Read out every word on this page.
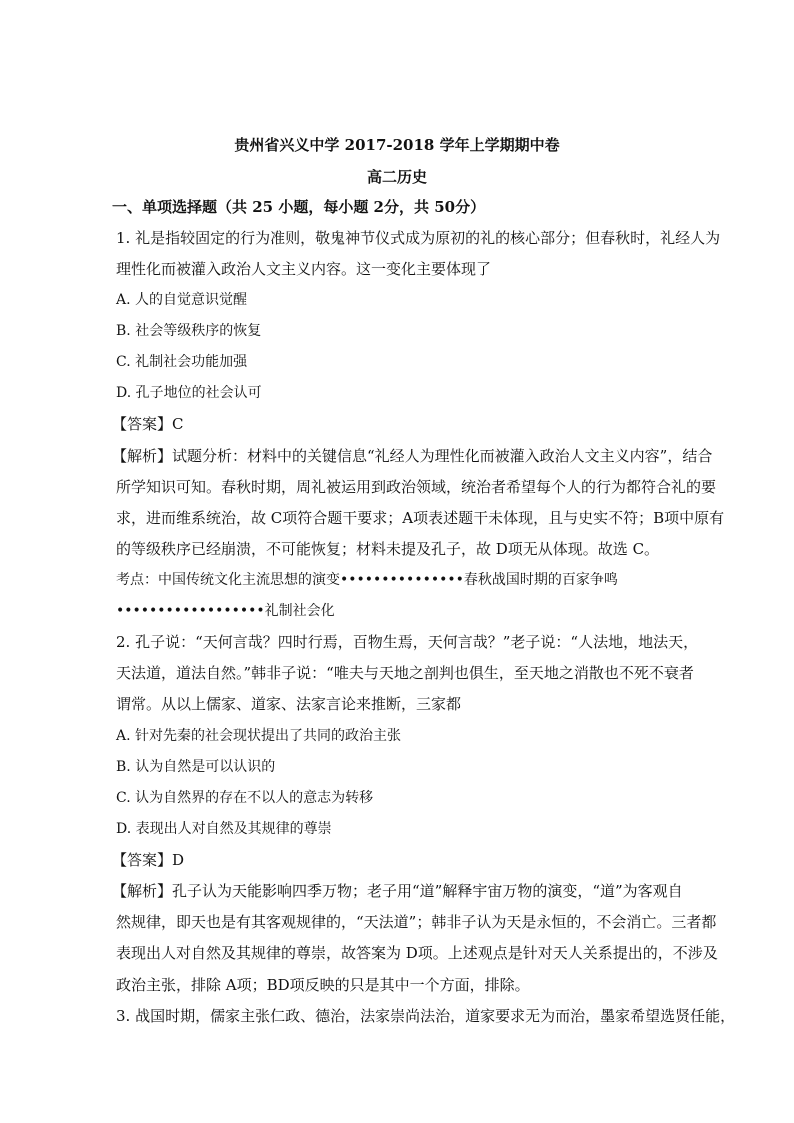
贵州省兴义中学 2017-2018 学年上学期期中卷
高二历史
一、单项选择题（共 25 小题，每小题 2分，共 50分）
1. 礼是指较固定的行为准则，敬鬼神节仪式成为原初的礼的核心部分；但春秋时，礼经人为
理性化而被灌入政治人文主义内容。这一变化主要体现了
A. 人的自觉意识觉醒
B. 社会等级秩序的恢复
C. 礼制社会功能加强
D. 孔子地位的社会认可
【答案】C
【解析】试题分析：材料中的关键信息“礼经人为理性化而被灌入政治人文主义内容”，结合
所学知识可知。春秋时期，周礼被运用到政治领域，统治者希望每个人的行为都符合礼的要
求，进而维系统治，故 C项符合题干要求；A项表述题干未体现，且与史实不符；B项中原有
的等级秩序已经崩溃，不可能恢复；材料未提及孔子，故 D项无从体现。故选 C。
考点：中国传统文化主流思想的演变•••••••••••••••春秋战国时期的百家争鸣
••••••••••••••••••礼制社会化
2. 孔子说：“天何言哉？四时行焉，百物生焉，天何言哉？”老子说：“人法地，地法天，
天法道，道法自然。”韩非子说：“唯夫与天地之剖判也俱生，至天地之消散也不死不衰者
谓常。从以上儒家、道家、法家言论来推断，三家都
A. 针对先秦的社会现状提出了共同的政治主张
B. 认为自然是可以认识的
C. 认为自然界的存在不以人的意志为转移
D. 表现出人对自然及其规律的尊崇
【答案】D
【解析】孔子认为天能影响四季万物；老子用“道”解释宇宙万物的演变，“道”为客观自
然规律，即天也是有其客观规律的，“天法道”；韩非子认为天是永恒的，不会消亡。三者都
表现出人对自然及其规律的尊崇，故答案为 D项。上述观点是针对天人关系提出的，不涉及
政治主张，排除 A项；BD项反映的只是其中一个方面，排除。
3. 战国时期，儒家主张仁政、德治，法家崇尚法治，道家要求无为而治，墨家希望选贤任能，
